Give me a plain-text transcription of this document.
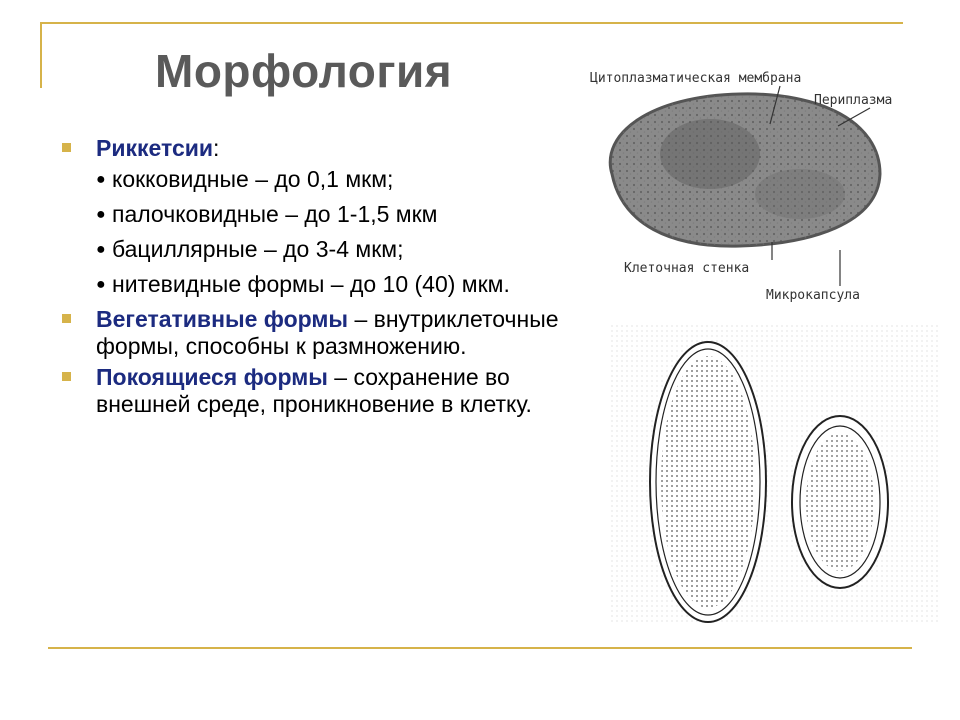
Морфология
Риккетсии:
● кокковидные – до 0,1 мкм;
● палочковидные – до 1-1,5 мкм
● бациллярные – до 3-4 мкм;
● нитевидные формы – до 10 (40) мкм.
Вегетативные формы – внутриклеточные формы, способны к размножению.
Покоящиеся формы – сохранение во внешней среде, проникновение в клетку.
Цитоплазматическая мембрана
Периплазма
Клеточная стенка
Микрокапсула
